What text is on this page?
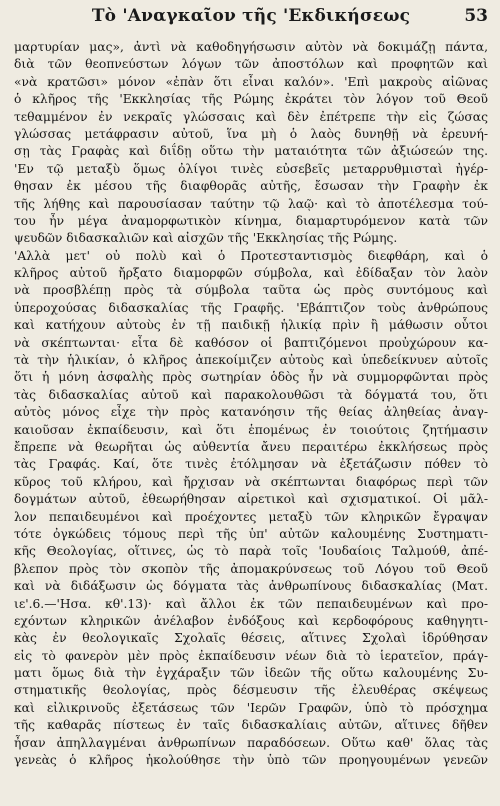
Τὸ 'Αναγκαῖον τῆς 'Εκδικήσεως	53
μαρτυρίαν μας», ἀντὶ νὰ καθοδηγήσωσιν αὐτὸν νὰ δοκιμάζῃ πάντα,
διὰ τῶν θεοπνεύστων λόγων τῶν ἀποστόλων καὶ προφητῶν καὶ
«νὰ κρατῶσι» μόνον «ἐπὰν ὅτι εἶναι καλόν». 'Επὶ μακροὺς αἰῶνας
ὁ κλῆρος τῆς 'Εκκλησίας τῆς Ρώμης ἐκράτει τὸν λόγον τοῦ Θεοῦ
τεθαμμένον ἐν νεκραῖς γλώσσαις καὶ δὲν ἐπέτρεπε τὴν εἰς ζώσας
γλώσσας μετάφρασιν αὐτοῦ, ἵνα μὴ ὁ λαὸς δυνηθῇ νὰ ἐρευνή-
σῃ τὰς Γραφὰς καὶ διΐδῃ οὕτω τὴν ματαιότητα τῶν ἀξιώσεών της.
'Εν τῷ μεταξὺ ὅμως ὀλίγοι τινὲς εὐσεβεῖς μεταρρυθμισταὶ ἠγέρ-
θησαν ἐκ μέσου τῆς διαφθορᾶς αὐτῆς, ἔσωσαν τὴν Γραφὴν ἐκ
τῆς λήθης καὶ παρουσίασαν ταύτην τῷ λαῷ· καὶ τὸ ἀποτέλεσμα τού-
του ἦν μέγα ἀναμορφωτικὸν κίνημα, διαμαρτυρόμενον κατὰ τῶν
ψευδῶν διδασκαλιῶν καὶ αἰσχῶν τῆς 'Εκκλησίας τῆς Ρώμης.
'Αλλὰ μετ' οὐ πολὺ καὶ ὁ Προτεσταντισμὸς διεφθάρη, καὶ ὁ
κλῆρος αὐτοῦ ἤρξατο διαμορφῶν σύμβολα, καὶ ἐδίδαξαν τὸν λαὸν
νὰ προσβλέπῃ πρὸς τὰ σύμβολα ταῦτα ὡς πρὸς συντόμους καὶ
ὑπεροχούσας διδασκαλίας τῆς Γραφῆς. 'Εβάπτιζον τοὺς ἀνθρώπους
καὶ κατήχουν αὐτοὺς ἐν τῇ παιδικῇ ἡλικίᾳ πρὶν ἢ μάθωσιν οὗτοι
νὰ σκέπτωνται· εἶτα δὲ καθόσον οἱ βαπτιζόμενοι προὐχώρουν κα-
τὰ τὴν ἡλικίαν, ὁ κλῆρος ἀπεκοίμιζεν αὐτοὺς καὶ ὑπεδείκνυεν αὐτοῖς
ὅτι ἡ μόνη ἀσφαλὴς πρὸς σωτηρίαν ὁδὸς ἦν νὰ συμμορφῶνται πρὸς
τὰς διδασκαλίας αὐτοῦ καὶ παρακολουθῶσι τὰ δόγματά του, ὅτι
αὐτὸς μόνος εἶχε τὴν πρὸς κατανόησιν τῆς θείας ἀληθείας ἀναγ-
καιοῦσαν ἐκπαίδευσιν, καὶ ὅτι ἑπομένως ἐν τοιούτοις ζητήμασιν
ἔπρεπε νὰ θεωρῆται ὡς αὐθεντία ἄνευ περαιτέρω ἐκκλήσεως πρὸς
τὰς Γραφάς. Καί, ὅτε τινὲς ἐτόλμησαν νὰ ἐξετάζωσιν πόθεν τὸ
κῦρος τοῦ κλήρου, καὶ ἤρχισαν νὰ σκέπτωνται διαφόρως περὶ τῶν
δογμάτων αὐτοῦ, ἐθεωρήθησαν αἱρετικοὶ καὶ σχισματικοί. Οἱ μᾶλ-
λον πεπαιδευμένοι καὶ προέχοντες μεταξὺ τῶν κληρικῶν ἔγραψαν
τότε ὀγκώδεις τόμους περὶ τῆς ὑπ' αὐτῶν καλουμένης Συστηματι-
κῆς Θεολογίας, οἵτινες, ὡς τὸ παρὰ τοῖς 'Ιουδαίοις Ταλμούθ, ἀπέ-
βλεπον πρὸς τὸν σκοπὸν τῆς ἀπομακρύνσεως τοῦ Λόγου τοῦ Θεοῦ
καὶ νὰ διδάξωσιν ὡς δόγματα τὰς ἀνθρωπίνους διδασκαλίας (Ματ.
ιε'.6.—'Ησα. κθ'.13)· καὶ ἄλλοι ἐκ τῶν πεπαιδευμένων καὶ προ-
εχόντων κληρικῶν ἀνέλαβον ἐνδόξους καὶ κερδοφόρους καθηγητι-
κὰς ἐν θεολογικαῖς Σχολαῖς θέσεις, αἵτινες Σχολαὶ ἱδρύθησαν
εἰς τὸ φανερὸν μὲν πρὸς ἐκπαίδευσιν νέων διὰ τὸ ἱερατεῖον, πράγ-
ματι ὅμως διὰ τὴν ἐγχάραξιν τῶν ἰδεῶν τῆς οὕτω καλουμένης Συ-
στηματικῆς θεολογίας, πρὸς δέσμευσιν τῆς ἐλευθέρας σκέψεως
καὶ εἰλικρινοῦς ἐξετάσεως τῶν 'Ιερῶν Γραφῶν, ὑπὸ τὸ πρόσχημα
τῆς καθαρᾶς πίστεως ἐν ταῖς διδασκαλίαις αὐτῶν, αἵτινες δῆθεν
ἦσαν ἀπηλλαγμέναι ἀνθρωπίνων παραδόσεων. Οὕτω καθ' ὅλας τὰς
γενεὰς ὁ κλῆρος ἠκολούθησε τὴν ὑπὸ τῶν προηγουμένων γενεῶν
